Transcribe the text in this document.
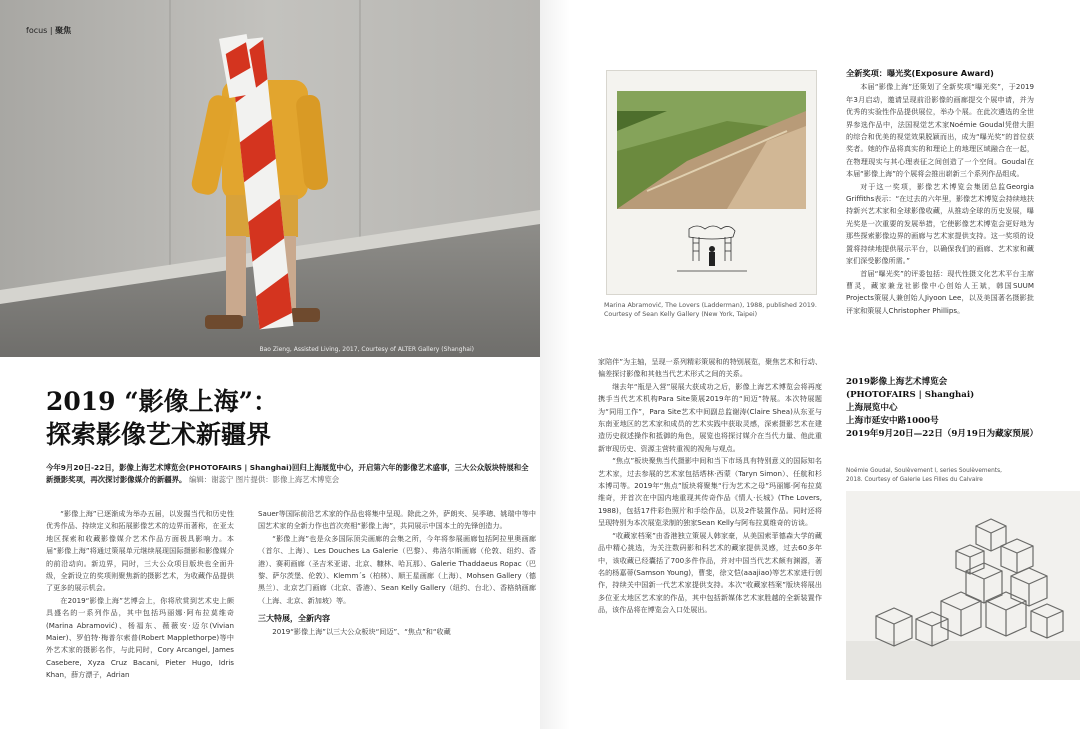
Bao Zieng, Assisted Living, 2017, Courtesy of ALTER Gallery (Shanghai)
focus | 聚焦
2019 “影像上海”：
探索影像艺术新疆界
今年9月20日-22日，影像上海艺术博览会(PHOTOFAIRS | Shanghai)回归上海展览中心，开启第六年的影像艺术盛事，三大公众版块特展和全新摄影奖项，再次探讨影像媒介的新疆界。 编辑：谢蕊宁 图片提供：影像上海艺术博览会

“影像上海”已逐渐成为举办五届，以发掘当代和历史性优秀作品、持续定义和拓展影像艺术的边界而著称，在亚太地区探索和收藏影像媒介艺术作品方面极具影响力。本届“影像上海”将通过策展单元继续展现国际摄影和影像媒介的前沿动向。新边界，同时，三大公众项目版块也全面升级，全新设立的奖项则聚焦新的摄影艺术，为收藏作品提供了更多的展示机会。

在2019“影像上海”艺博会上，你将欣赏到艺术史上颇具盛名的一系列作品，其中包括玛丽娜·阿布拉莫维奇(Marina Abramović)、杨福东、薇薇安·迈尔(Vivian Maier)、罗伯特·梅普尔索普(Robert Mapplethorpe)等中外艺术家的摄影名作，与此同时，Cory Arcangel, James Casebere, Xyza Cruz Bacani, Pieter Hugo, Idris Khan，薛方漂子，Adrian

Sauer等国际前沿艺术家的作品也将集中呈现。除此之外，萨朗夹、吴季璁、姚瑞中等中国艺术家的全新力作也首次亮相“影像上海”，共同展示中国本土的先锋创造力。

“影像上海”也是众多国际顶尖画廊的会集之所，今年将参展画廊包括阿拉里奥画廊（首尔、上海）、Les Douches La Galerie（巴黎）、弗洛尔斯画廊（伦敦、纽约、香港）、赛莉画廊（圣吉米亚诺、北京、糠林、哈瓦那）、Galerie Thaddaeus Ropac（巴黎、萨尔茨堡、伦敦）、Klemm´s（柏林）、顺王星画廊（上海）、Mohsen Gallery（德黑兰）、北京艺门画廊（北京、香港）、Sean Kelly Gallery（纽约、台北）、香格纳画廊（上海、北京、新加坡）等。

三大特展，全新内容

2019“影像上海”以三大公众板块“间迈”、“焦点”和“收藏

Marina Abramović, The Lovers (Ladderman), 1988, published 2019.
Courtesy of Sean Kelly Gallery (New York, Taipei)

家陪伴”为主轴，呈现一系列精彩策展和的特别展览，聚焦艺术和行动、偏差探讨影像和其他当代艺术形式之间的关系。

继去年“瓶是入营”展展大获成功之后，影像上海艺术博览会将再度携手当代艺术机构Para Site策展2019年的“间迈”特展。本次特展题为“同用工作”，Para Site艺术中间副总监谢涛(Claire Shea)从东亚与东南亚地区的艺术家和成员的艺术实践中获取灵感，深索摄影艺术在建造历史叙述操作和抵御的角色，展览也将探讨媒介在当代力量、他此重新审现历史、资源主营转重视的视角与观点。

“焦点”板块聚焦当代摄影中间和当下市场具有特别意义的国际知名艺术家，过去参展的艺术家包括塔林·西蒙（Taryn Simon）、任航和杉本博司等。2019年“焦点”版块将聚集“行为艺术之母”玛丽娜·阿布拉莫维奇，并首次在中国内地重现其传奇作品《情人·长城》(The Lovers, 1988)，包括17件彩色照片和手绘作品，以及2件装置作品。同时还将呈现特别为本次展览录制的独家Sean Kelly与阿布拉莫维奇的访谈。

“收藏家档案”由香港独立策展人韩家豪，从美国索菲德森大学的藏品中精心挑选，为关注数码影和科艺术的藏家提供灵感，过去60多年中，该收藏已经囊括了700多件作品，并对中国当代艺术颇有渊源，著名的杨嘉蒂(Samson Young)，曹斐，徐文恺(aaajiao)等艺术家进行创作，持续关中国新一代艺术家提供支持。本次“收藏家档案”版块将展出多位亚太地区艺术家的作品，其中包括新媒体艺术家胜越的全新装置作品，该作品将在博览会入口处展出。

全新奖项：曝光奖(Exposure Award)

本届“影像上海”还策划了全新奖项“曝光奖”，于2019年3月启动，邀请呈现前沿影像的画廊提交个展申请，并为优秀的实验性作品提供展位，举办个展。在此次遴选的全世界参选作品中，法国视觉艺术家Noémie Goudal凭借大胆的综合和优美的视觉效果脱颖而出，成为“曝光奖”的首位获奖者。她的作品将真实的和理论上的地理区域融合在一起，在物理现实与其心理表征之间创造了一个空间。Goudal在本届“影像上海”的个展将会推出崭新三个系列作品组成。

对于这一奖项，影像艺术博览会集团总监Georgia Griffiths表示：“在过去的六年里，影像艺术博览会持续地扶持新兴艺术家和全球影像收藏，从推动全球的历史发展，曝光奖是一次重要的发展举措，它使影像艺术博览会更好地为那些探索影像边界的画廊与艺术家提供支持。这一奖项的设置将持续地提供展示平台，以确保我们的画廊、艺术家和藏家们深受影像所需。”

首届“曝光奖”的评委包括：现代性摄文化艺术平台主席曹灵，藏家兼龙社影像中心创始人王斌，韩国SUUM Projects策展人兼创始人Jiyoon Lee，以及美国著名摄影批评家和策展人Christopher Phillips。

2019影像上海艺术博览会
(PHOTOFAIRS | Shanghai)
上海展览中心
上海市延安中路1000号
2019年9月20日—22日（9月19日为藏家预展）
Noémie Goudal, Soulèvement I, series Soulèvements,
2018. Courtesy of Galerie Les Filles du Calvaire
